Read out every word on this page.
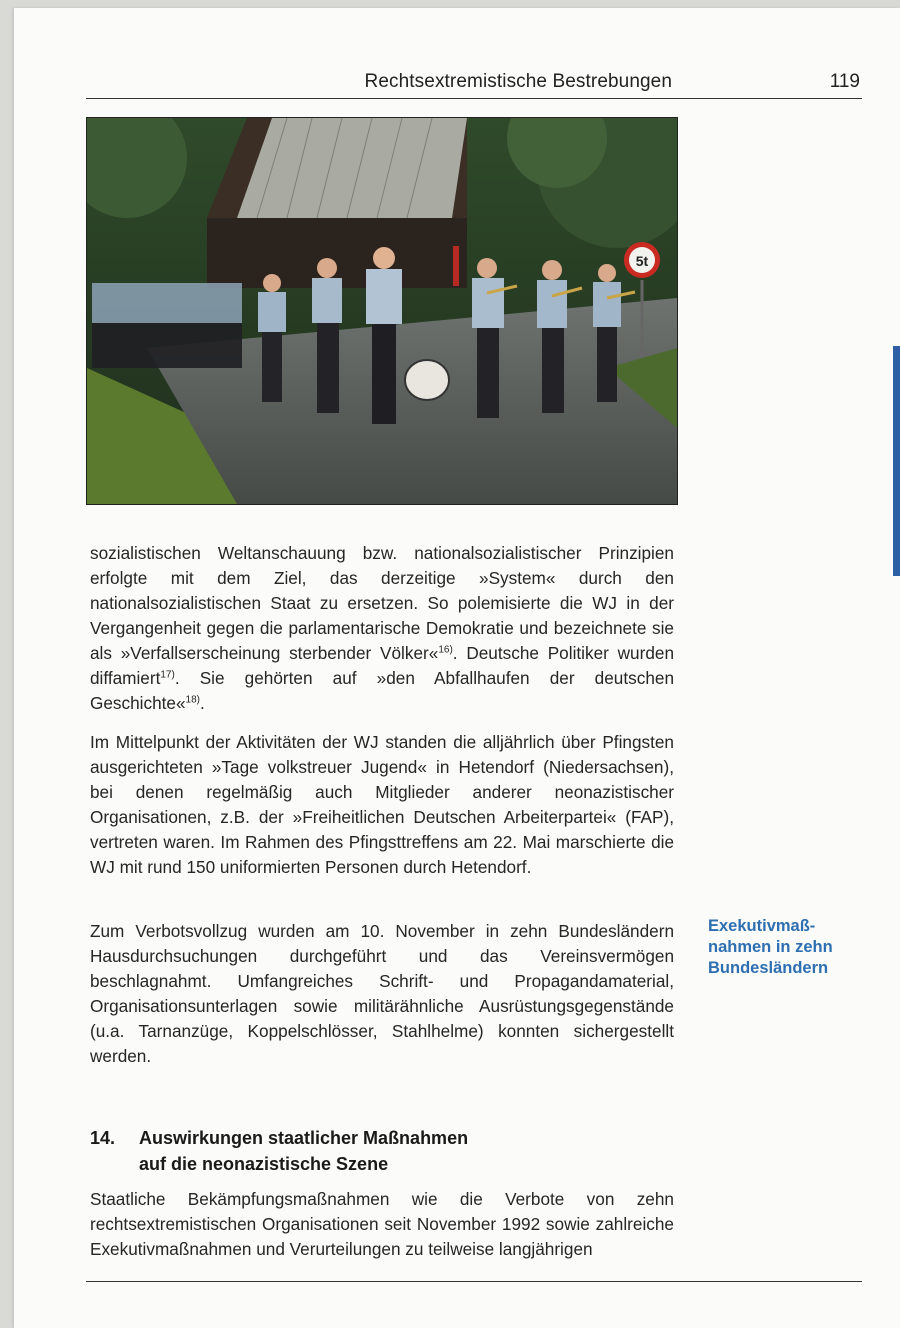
Rechtsextremistische Bestrebungen	119
5t

sozialistischen Weltanschauung bzw. nationalsozialistischer Prinzipien erfolgte mit dem Ziel, das derzeitige »System« durch den nationalsozialistischen Staat zu ersetzen. So polemisierte die WJ in der Vergangenheit gegen die parlamentarische Demokratie und bezeichnete sie als »Verfallserscheinung sterbender Völker«$^{16)}$. Deutsche Politiker wurden diffamiert$^{17)}$. Sie gehörten auf »den Abfallhaufen der deutschen Geschichte«$^{18)}$.

Im Mittelpunkt der Aktivitäten der WJ standen die alljährlich über Pfingsten ausgerichteten »Tage volkstreuer Jugend« in Hetendorf (Niedersachsen), bei denen regelmäßig auch Mitglieder anderer neonazistischer Organisationen, z.B. der »Freiheitlichen Deutschen Arbeiterpartei« (FAP), vertreten waren. Im Rahmen des Pfingsttreffens am 22. Mai marschierte die WJ mit rund 150 uniformierten Personen durch Hetendorf.

Zum Verbotsvollzug wurden am 10. November in zehn Bundesländern Hausdurchsuchungen durchgeführt und das Vereinsvermögen beschlagnahmt. Umfangreiches Schrift- und Propagandamaterial, Organisationsunterlagen sowie militärähnliche Ausrüstungsgegenstände (u.a. Tarnanzüge, Koppelschlösser, Stahlhelme) konnten sichergestellt werden.

Exekutivmaß-nahmen in zehn Bundesländern

14. Auswirkungen staatlicher Maßnahmen
auf die neonazistische Szene

Staatliche Bekämpfungsmaßnahmen wie die Verbote von zehn rechtsextremistischen Organisationen seit November 1992 sowie zahlreiche Exekutivmaßnahmen und Verurteilungen zu teilweise langjährigen
